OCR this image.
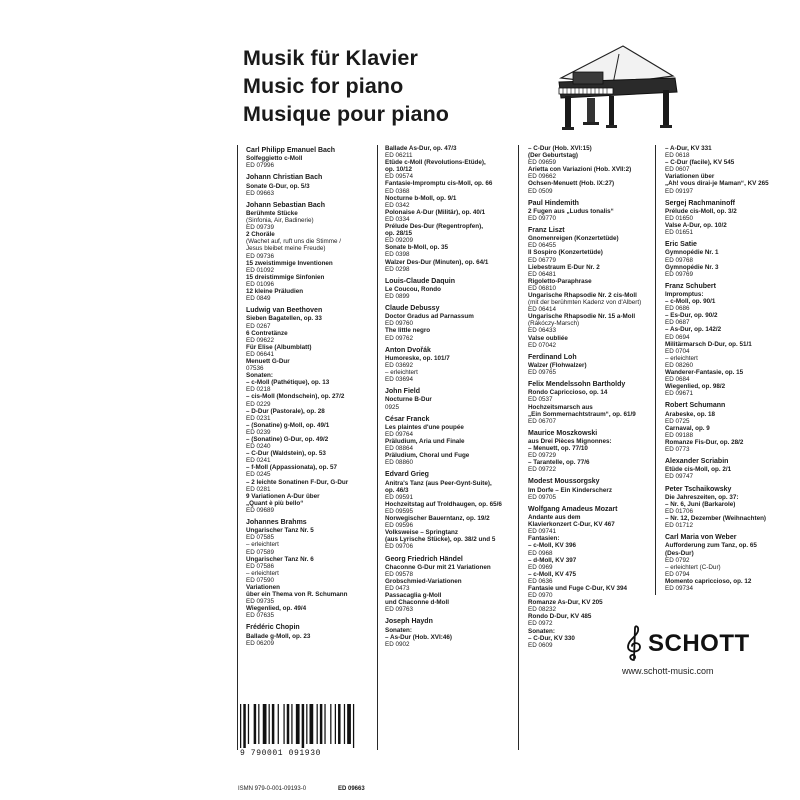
Musik für Klavier
Music for piano
Musique pour piano
Carl Philipp Emanuel Bach
Solfeggietto c-Moll
ED 07996
Johann Christian Bach
Sonate G-Dur, op. 5/3
ED 09663
Johann Sebastian Bach
Berühmte Stücke
(Sinfonia, Air, Badinerie)
ED 09739
2 Choräle
(Wachet auf, ruft uns die Stimme /
Jesus bleibet meine Freude)
ED 09736
15 zweistimmige Inventionen
ED 01092
15 dreistimmige Sinfonien
ED 01096
12 kleine Präludien
ED 0849
Ludwig van Beethoven
Sieben Bagatellen, op. 33
ED 0267
6 Contretänze
ED 09622
Für Elise (Albumblatt)
ED 06641
Menuett G-Dur
07536
Sonaten:
– c-Moll (Pathétique), op. 13
ED 0218
– cis-Moll (Mondschein), op. 27/2
ED 0229
– D-Dur (Pastorale), op. 28
ED 0231
– (Sonatine) g-Moll, op. 49/1
ED 0239
– (Sonatine) G-Dur, op. 49/2
ED 0240
– C-Dur (Waldstein), op. 53
ED 0241
– f-Moll (Appassionata), op. 57
ED 0245
– 2 leichte Sonatinen F-Dur, G-Dur
ED 0281
9 Variationen A-Dur über
„Quant è più bello“
ED 09689
Johannes Brahms
Ungarischer Tanz Nr. 5
ED 07585
– erleichtert
ED 07589
Ungarischer Tanz Nr. 6
ED 07586
– erleichtert
ED 07590
Variationen
über ein Thema von R. Schumann
ED 09735
Wiegenlied, op. 49/4
ED 07635
Frédéric Chopin
Ballade g-Moll, op. 23
ED 06209
Ballade As-Dur, op. 47/3
ED 06211
Etüde c-Moll (Revolutions-Etüde),
op. 10/12
ED 09574
Fantasie-Impromptu cis-Moll, op. 66
ED 0368
Nocturne b-Moll, op. 9/1
ED 0342
Polonaise A-Dur (Militär), op. 40/1
ED 0334
Prélude Des-Dur (Regentropfen),
op. 28/15
ED 09209
Sonate b-Moll, op. 35
ED 0398
Walzer Des-Dur (Minuten), op. 64/1
ED 0298
Louis-Claude Daquin
Le Coucou, Rondo
ED 0899
Claude Debussy
Doctor Gradus ad Parnassum
ED 09760
The little negro
ED 09762
Anton Dvořák
Humoreske, op. 101/7
ED 03692
– erleichtert
ED 03694
John Field
Nocturne B-Dur
0925
César Franck
Les plaintes d'une poupée
ED 09764
Präludium, Aria und Finale
ED 08864
Präludium, Choral und Fuge
ED 08860
Edvard Grieg
Anitra's Tanz (aus Peer-Gynt-Suite),
op. 46/3
ED 09591
Hochzeitstag auf Troldhaugen, op. 65/6
ED 09595
Norwegischer Bauerntanz, op. 19/2
ED 09596
Volksweise – Springtanz
(aus Lyrische Stücke), op. 38/2 und 5
ED 09706
Georg Friedrich Händel
Chaconne G-Dur mit 21 Variationen
ED 09578
Grobschmied-Variationen
ED 0473
Passacaglia g-Moll
und Chaconne d-Moll
ED 09763
Joseph Haydn
Sonaten:
– As-Dur (Hob. XVI:46)
ED 0902
– C-Dur (Hob. XVI:15)
(Der Geburtstag)
ED 09659
Arietta con Variazioni (Hob. XVII:2)
ED 09662
Ochsen-Menuett (Hob. IX:27)
ED 0509
Paul Hindemith
2 Fugen aus „Ludus tonalis“
ED 09770
Franz Liszt
Gnomenreigen (Konzertetüde)
ED 06455
Il Sospiro (Konzertetüde)
ED 06779
Liebestraum E-Dur Nr. 2
ED 06481
Rigoletto-Paraphrase
ED 06810
Ungarische Rhapsodie Nr. 2 cis-Moll
(mit der berühmten Kadenz von d'Albert)
ED 06414
Ungarische Rhapsodie Nr. 15 a-Moll
(Rákóczy-Marsch)
ED 06433
Valse oubliée
ED 07042
Ferdinand Loh
Walzer (Flohwalzer)
ED 09765
Felix Mendelssohn Bartholdy
Rondo Capriccioso, op. 14
ED 0537
Hochzeitsmarsch aus
„Ein Sommernachtstraum“, op. 61/9
ED 06707
Maurice Moszkowski
aus Drei Pièces Mignonnes:
– Menuett, op. 77/10
ED 09729
– Tarantelle, op. 77/6
ED 09722
Modest Moussorgsky
Im Dorfe – Ein Kinderscherz
ED 09705
Wolfgang Amadeus Mozart
Andante aus dem
Klavierkonzert C-Dur, KV 467
ED 09741
Fantasien:
– c-Moll, KV 396
ED 0968
– d-Moll, KV 397
ED 0969
– c-Moll, KV 475
ED 0636
Fantasie und Fuge C-Dur, KV 394
ED 0970
Romanze As-Dur, KV 205
ED 08232
Rondo D-Dur, KV 485
ED 0972
Sonaten:
– C-Dur, KV 330
ED 0609
– A-Dur, KV 331
ED 0618
– C-Dur (facile), KV 545
ED 0607
Variationen über
„Ah! vous dirai-je Maman“, KV 265
ED 09197
Sergej Rachmaninoff
Prélude cis-Moll, op. 3/2
ED 01650
Valse A-Dur, op. 10/2
ED 01651
Eric Satie
Gymnopédie Nr. 1
ED 09768
Gymnopédie Nr. 3
ED 09769
Franz Schubert
Impromptus:
– c-Moll, op. 90/1
ED 0686
– Es-Dur, op. 90/2
ED 0687
– As-Dur, op. 142/2
ED 0694
Militärmarsch D-Dur, op. 51/1
ED 0704
– erleichtert
ED 08260
Wanderer-Fantasie, op. 15
ED 0684
Wiegenlied, op. 98/2
ED 09671
Robert Schumann
Arabeske, op. 18
ED 0725
Carnaval, op. 9
ED 09188
Romanze Fis-Dur, op. 28/2
ED 0773
Alexander Scriabin
Etüde cis-Moll, op. 2/1
ED 09747
Peter Tschaikowsky
Die Jahreszeiten, op. 37:
– Nr. 6, Juni (Barkarole)
ED 01706
– Nr. 12, Dezember (Weihnachten)
ED 01712
Carl Maria von Weber
Aufforderung zum Tanz, op. 65
(Des-Dur)
ED 0792
– erleichtert (C-Dur)
ED 0794
Momento capriccioso, op. 12
ED 09734
SCHOTT
www.schott-music.com
9 790001 091930
ISMN 979-0-001-09193-0	ED 09663
